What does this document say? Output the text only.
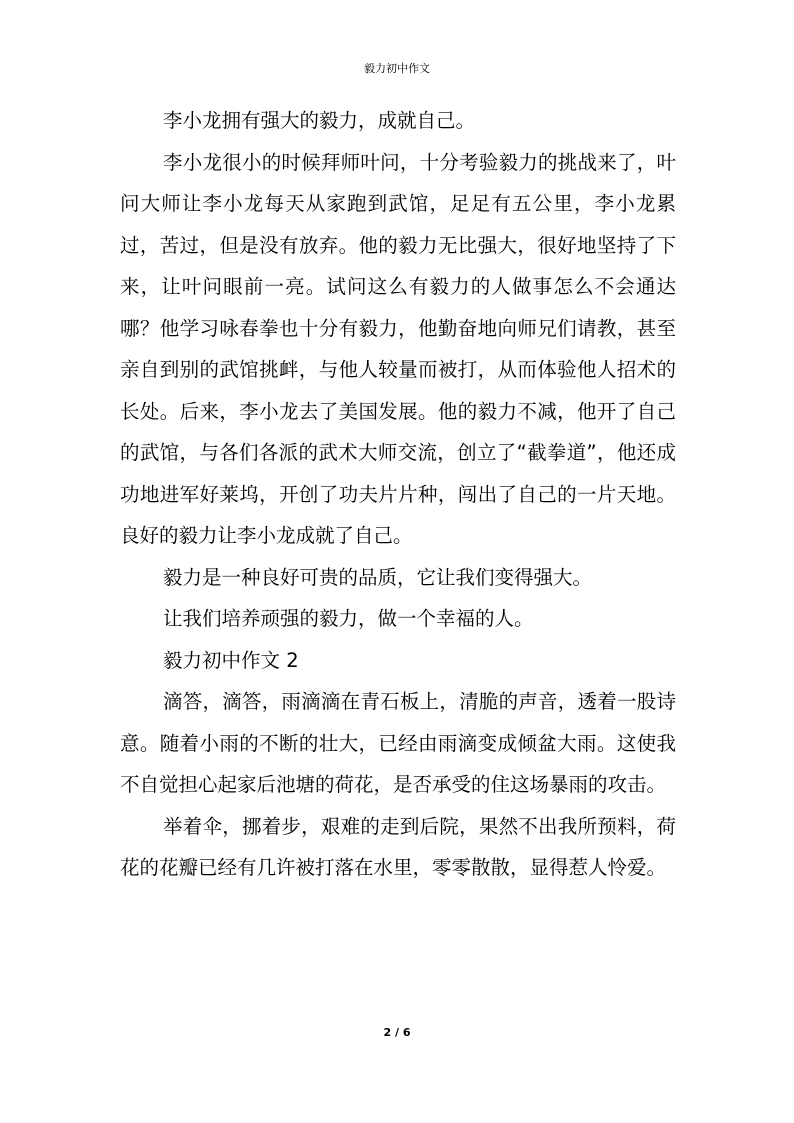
毅力初中作文

李小龙拥有强大的毅力，成就自己。

李小龙很小的时候拜师叶问，十分考验毅力的挑战来了，叶问大师让李小龙每天从家跑到武馆，足足有五公里，李小龙累过，苦过，但是没有放弃。他的毅力无比强大，很好地坚持了下来，让叶问眼前一亮。试问这么有毅力的人做事怎么不会通达哪？他学习咏春拳也十分有毅力，他勤奋地向师兄们请教，甚至亲自到别的武馆挑衅，与他人较量而被打，从而体验他人招术的长处。后来，李小龙去了美国发展。他的毅力不减，他开了自己的武馆，与各们各派的武术大师交流，创立了“截拳道”，他还成功地进军好莱坞，开创了功夫片片种，闯出了自己的一片天地。良好的毅力让李小龙成就了自己。

毅力是一种良好可贵的品质，它让我们变得强大。

让我们培养顽强的毅力，做一个幸福的人。

毅力初中作文 2

滴答，滴答，雨滴滴在青石板上，清脆的声音，透着一股诗意。随着小雨的不断的壮大，已经由雨滴变成倾盆大雨。这使我不自觉担心起家后池塘的荷花，是否承受的住这场暴雨的攻击。

举着伞，挪着步，艰难的走到后院，果然不出我所预料，荷花的花瓣已经有几许被打落在水里，零零散散，显得惹人怜爱。

2 / 6
